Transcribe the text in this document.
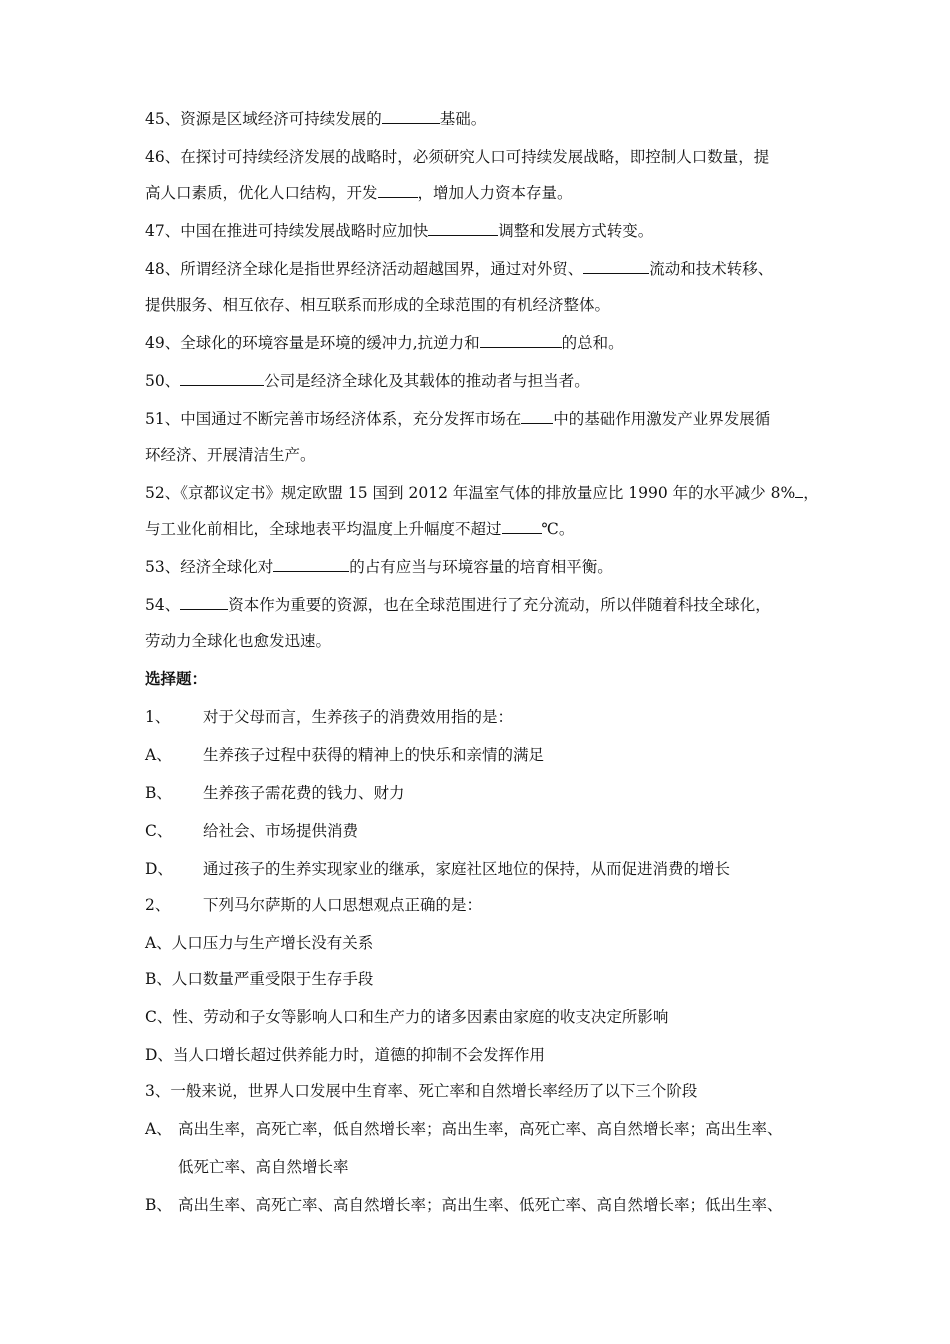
45、资源是区域经济可持续发展的	基础。
46、在探讨可持续经济发展的战略时，必须研究人口可持续发展战略，即控制人口数量，提
高人口素质，优化人口结构，开发	，增加人力资本存量。
47、中国在推进可持续发展战略时应加快	调整和发展方式转变。
48、所谓经济全球化是指世界经济活动超越国界，通过对外贸、	流动和技术转移、
提供服务、相互依存、相互联系而形成的全球范围的有机经济整体。
49、全球化的环境容量是环境的缓冲力,抗逆力和	的总和。
50、	公司是经济全球化及其载体的推动者与担当者。
51、中国通过不断完善市场经济体系，充分发挥市场在 中的基础作用激发产业界发展循
环经济、开展清洁生产。
52、《京都议定书》规定欧盟 15 国到 2012 年温室气体的排放量应比 1990 年的水平减少 8% ，
与工业化前相比，全球地表平均温度上升幅度不超过	℃。
53、经济全球化对	的占有应当与环境容量的培育相平衡。
54、	资本作为重要的资源，也在全球范围进行了充分流动，所以伴随着科技全球化，
劳动力全球化也愈发迅速。
选择题：
1、 对于父母而言，生养孩子的消费效用指的是：
A、 生养孩子过程中获得的精神上的快乐和亲情的满足
B、 生养孩子需花费的钱力、财力
C、 给社会、市场提供消费
D、 通过孩子的生养实现家业的继承，家庭社区地位的保持，从而促进消费的增长
2、 下列马尔萨斯的人口思想观点正确的是：
A、人口压力与生产增长没有关系
B、人口数量严重受限于生存手段
C、性、劳动和子女等影响人口和生产力的诸多因素由家庭的收支决定所影响
D、当人口增长超过供养能力时，道德的抑制不会发挥作用
3、一般来说，世界人口发展中生育率、死亡率和自然增长率经历了以下三个阶段
A、 高出生率，高死亡率，低自然增长率；高出生率，高死亡率、高自然增长率；高出生率、
低死亡率、高自然增长率
B、 高出生率、高死亡率、高自然增长率；高出生率、低死亡率、高自然增长率；低出生率、
